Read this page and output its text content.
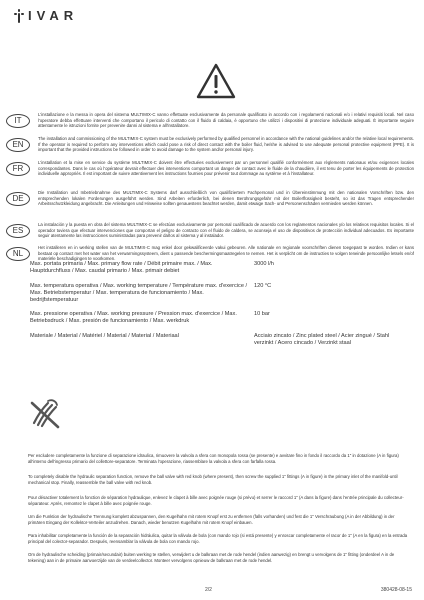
IVAR
IT

L'installazione e la messa in opera del sistema MULTIMIX-C vanno effettuate esclusivamente da personale qualificato in accordo con i regolamenti nazionali e/o i relativi requisiti locali. Nel caso l'operatore debba effettuare interventi che comportano il pericolo di contatto con il fluido di caldaia, è opportuno che utilizzi i dispositivi di protezione individuale adeguati. È importante seguire attentamente le istruzioni fornite per prevenire danni al sistema e all'installatore.

EN

The installation and commissioning of the MULTIMIX-C system must be exclusively performed by qualified personnel in accordance with the national guidelines and/or the relative local requirements. If the operator is required to perform any interventions which could pose a risk of direct contact with the boiler fluid, he/she is advised to use adequate personal protective equipment (PPE). It is important that the provided instructions be followed in order to avoid damage to the system and/or personal injury.

FR

L'installation et la mise en service du système MULTIMIX-C doivent être effectuées exclusivement par un personnel qualifié conformément aux règlements nationaux et/ou exigences locales correspondantes. Dans le cas où l'opérateur devrait effectuer des interventions comportant un danger de contact avec le fluide de la chaudière, il est tenu de porter les équipements de protection individuelle appropriés. Il est important de suivre attentivement les instructions fournies pour prévenir tout dommage au système et à l'installateur.

DE

Die Installation und Inbetriebnahme des MULTIMIX-C Systems darf ausschließlich von qualifiziertem Fachpersonal und in Übereinstimmung mit den nationalen Vorschriften bzw. den entsprechenden lokalen Forderungen ausgeführt werden. Sind Arbeiten erforderlich, bei denen Berührungsgefahr mit der Boilerflüssigkeit besteht, so ist das Tragen entsprechender Arbeitsschutzkleidung angebracht. Die Anleitungen und Hinweise sollten genauestens beachtet werden, damit etwaige Sach- und Personenschäden vermieden werden können.

ES

La instalación y la puesta en obra del sistema MULTIMIX-C se efectúan exclusivamente por personal cualificado de acuerdo con los reglamentos nacionales y/o los relativos requisitos locales. Si el operador tuviera que efectuar intervenciones que comportan el peligro de contacto con el fluido de caldera, se aconseja el uso de dispositivos de protección individual adecuados. Es importante seguir atentamente las instrucciones suministradas para prevenir daños al sistema y al instalador.

NL

Het installeren en in werking stellen van de MULTIMIX-C mag enkel door gekwalificeerde vakui gebeuren. Alle nationale en regionale voorschriften dienen toegepast te worden. Indien er kans bestaat op contact met het water van het verwarmingssysteem, dient u passende beschermingsmaatregelen te nemen. Het is verplicht om de instructies te volgen teneinde persoonlijke letsels en/of materiële beschadigingen te voorkomen.

Max. portata primaria / Max. primary flow rate / Débit primaire max. / Max. Hauptdurchfluss / Max. caudal primario / Max. primair debiet
3000 l/h
Max. temperatura operativa / Max. working temperature / Température max. d'exercice / Max. Betriebstemperatur / Max. temperatura de funcionamiento / Max. bedrijfstemperatuur
120 °C
Max. pressione operativa / Max. working pressure / Pression max. d'exercice / Max. Betriebsdruck / Max. presión de funcionamiento / Max. werkdruk
10 bar
Materiale / Material / Matériel / Material / Material / Materiaal	Acciaio zincato / Zinc plated steel / Acier zingué / Stahl verzinkt / Acero cincado / Verzinkt staal

Per escludere completamente la funzione di separazione idraulica, rimuovere la valvola a sfera con monopola rossa (se presente) e avvitare fino in fondo il raccordo da 1" in dotazione (A in figura) all'interno dell'ingresso primario del collettore-separatore. Terminata l'operazione, riassemblare la valvola a sfera con farfalla rossa.

To completely disable the hydraulic separation function, remove the ball valve with red knob (where present), then screw the supplied 1" fittings (A in figure) in the primary inlet of the manifold-until mechanical stop. Finally, reassemble the ball valve with red knob.

Pour désactiver totalement la fonction de séparation hydraulique, enlevez le clapet à bille avec poignée rouge (si prévu) et serrer le raccord 1" (A dans la figure) dans l'entrée principale du collecteur-séparateur. Après, remontez le clapet à bille avec poignée rouge.

Um die Funktion der hydraulische Trennung komplett abzuspannen, den Kugelhahn mit rotem Knopf erst zu entfernen (falls vorhanden) und fest die 1" Verschraubung (A in der Abbildung) in der primären Eingang der Kollektor-Verteiler anzudrehen. Danach, wieder benutzen Kugelhahn mit rotem Knopf einbauen.

Para inhabilitar completamente la función de la separación hidráulica, quitar la válvula de bola (con mando rojo (si está presente) y enroscar completamente el racor de 1" (A en la figura) en la entrada principal del colector-separador. Después, reensamblar la válvula de bola con mando rojo.

Om de hydraulische scheiding (primair/secundair) buiten werking te stellen, verwijdert u de balkraan met de rode hendel (indien aanwezig) en brengt u vervolgens de 1" fitting (onderdeel A in de tekening) aan in de primaire aanvoerzijde van de verdeelcollector. Monteer vervolgens opnieuw de balkraan met de rode hendel.

2/2	380428-08-15
